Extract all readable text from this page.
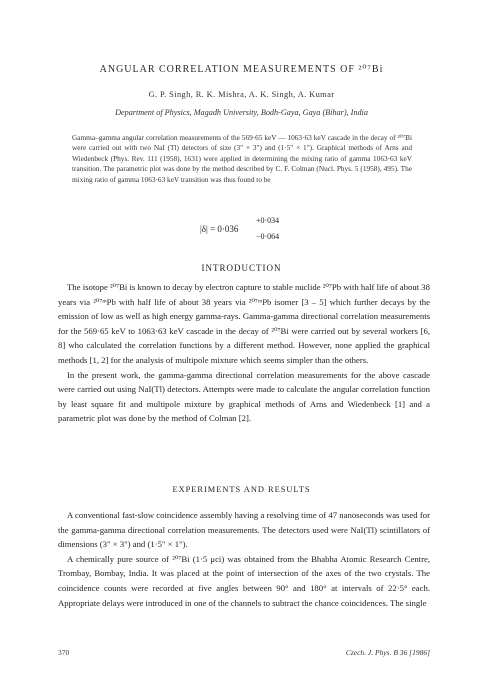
ANGULAR CORRELATION MEASUREMENTS OF ²⁰⁷Bi
G. P. Singh, R. K. Mishra, A. K. Singh, A. Kumar
Department of Physics, Magadh University, Bodh-Gaya, Gaya (Bihar), India

Gamma–gamma angular correlation measurements of the 569·65 keV — 1063·63 keV cascade in the decay of ²⁰⁷Bi were carried out with two NaI (Tl) detectors of size (3" × 3") and (1·5" × 1"). Graphical methods of Arns and Wiedenbeck (Phys. Rev. 111 (1958), 1631) were applied in determining the mixing ratio of gamma 1063·63 keV transition. The parametric plot was done by the method described by C. F. Colman (Nucl. Phys. 5 (1958), 495). The mixing ratio of gamma 1063·63 keV transition was thus found to be

|δ| = 0·036
+0·034
−0·064
INTRODUCTION

The isotope ²⁰⁷Bi is known to decay by electron capture to stable nuclide ²⁰⁷Pb with half life of about 38 years via ²⁰⁷ᵐPb with half life of about 38 years via ²⁰⁷ᵐPb isomer [3 – 5] which further decays by the emission of low as well as high energy gamma-rays. Gamma-gamma directional correlation measurements for the 569·65 keV to 1063·63 keV cascade in the decay of ²⁰⁷Bi were carried out by several workers [6, 8] who calculated the correlation functions by a different method. However, none applied the graphical methods [1, 2] for the analysis of multipole mixture which seems simpler than the others.

In the present work, the gamma-gamma directional correlation measurements for the above cascade were carried out using NaI(Tl) detectors. Attempts were made to calculate the angular correlation function by least square fit and multipole mixture by graphical methods of Arns and Wiedenbeck [1] and a parametric plot was done by the method of Colman [2].

EXPERIMENTS AND RESULTS

A conventional fast-slow coincidence assembly having a resolving time of 47 nanoseconds was used for the gamma-gamma directional correlation measurements. The detectors used were NaI(Tl) scintillators of dimensions (3" × 3") and (1·5" × 1").

A chemically pure source of ²⁰⁷Bi (1·5 μci) was obtained from the Bhabha Atomic Research Centre, Trombay, Bombay, India. It was placed at the point of intersection of the axes of the two crystals. The coincidence counts were recorded at five angles between 90° and 180° at intervals of 22·5° each. Appropriate delays were introduced in one of the channels to subtract the chance coincidences. The single

370	Czech. J. Phys. B 36 [1986]
